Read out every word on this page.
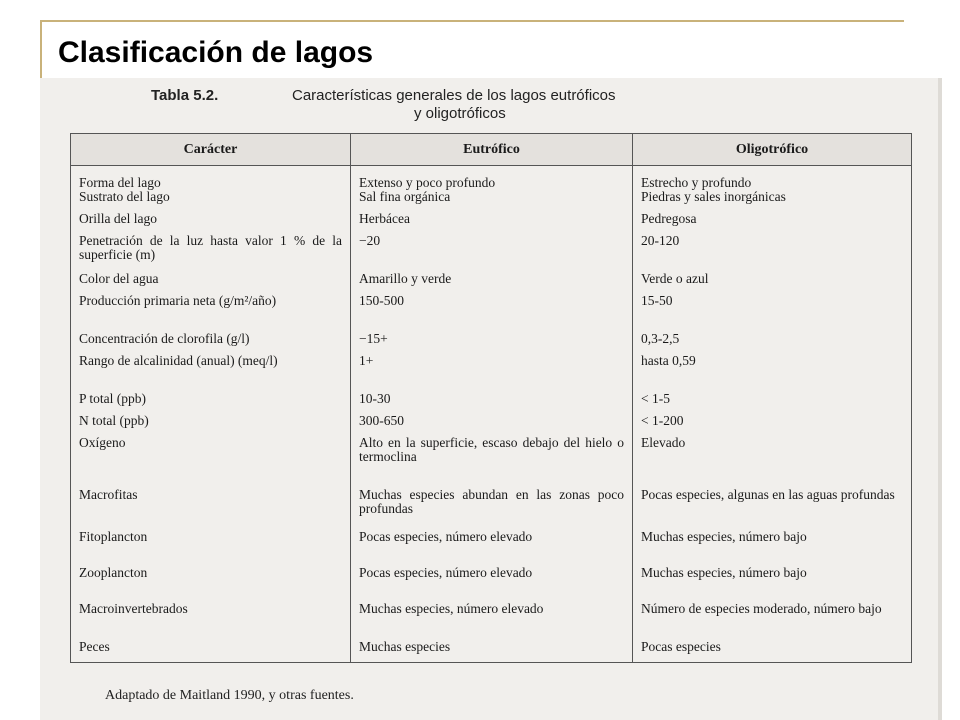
Clasificación de lagos
Tabla 5.2.	Características generales de los lagos eutróficos
y oligotróficos
Carácter	Eutrófico	Oligotrófico
Forma del lago	Extenso y poco profundo	Estrecho y profundo
Sustrato del lago	Sal fina orgánica	Piedras y sales inorgánicas
Orilla del lago	Herbácea	Pedregosa
Penetración de la luz hasta valor 1 % de la superficie (m)	−20	20-120
Color del agua	Amarillo y verde	Verde o azul
Producción primaria neta (g/m²/año)	150-500	15-50
Concentración de clorofila (g/l)	−15+	0,3-2,5
Rango de alcalinidad (anual) (meq/l)	1+	hasta 0,59
P total (ppb)	10-30	< 1-5
N total (ppb)	300-650	< 1-200
Oxígeno	Alto en la superficie, escaso debajo del hielo o termoclina	Elevado
Macrofitas	Muchas especies abundan en las zonas poco profundas	Pocas especies, algunas en las aguas profundas
Fitoplancton	Pocas especies, número elevado	Muchas especies, número bajo
Zooplancton	Pocas especies, número elevado	Muchas especies, número bajo
Macroinvertebrados	Muchas especies, número elevado	Número de especies moderado, número bajo
Peces	Muchas especies	Pocas especies
Adaptado de Maitland 1990, y otras fuentes.
